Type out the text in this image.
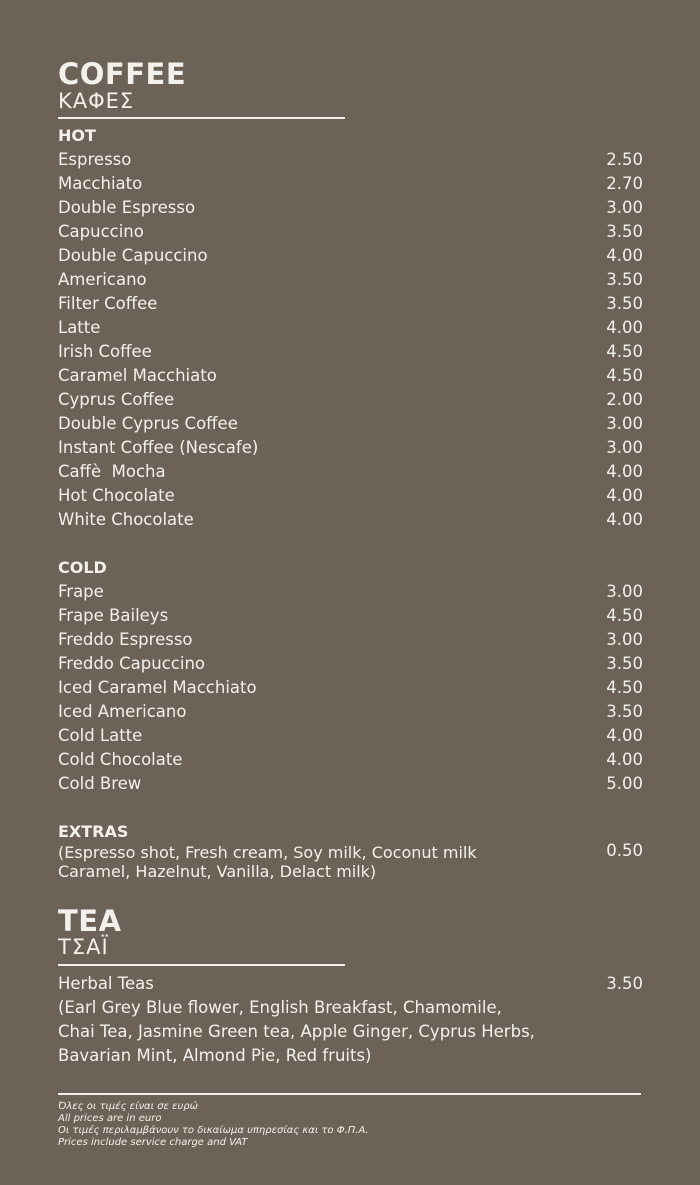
COFFEE
ΚΑΦΕΣ
HOT
Espresso	2.50
Macchiato	2.70
Double Espresso	3.00
Capuccino	3.50
Double Capuccino	4.00
Americano	3.50
Filter Coffee	3.50
Latte	4.00
Irish Coffee	4.50
Caramel Macchiato	4.50
Cyprus Coffee	2.00
Double Cyprus Coffee	3.00
Instant Coffee (Nescafe)	3.00
Caffè  Mocha	4.00
Hot Chocolate	4.00
White Chocolate	4.00
COLD
Frape	3.00
Frape Baileys	4.50
Freddo Espresso	3.00
Freddo Capuccino	3.50
Iced Caramel Macchiato	4.50
Iced Americano	3.50
Cold Latte	4.00
Cold Chocolate	4.00
Cold Brew	5.00
EXTRAS
(Espresso shot, Fresh cream, Soy milk, Coconut milk
Caramel, Hazelnut, Vanilla, Delact milk)
0.50
TEA
ΤΣΑΪ
Herbal Teas	3.50
(Earl Grey Blue flower, English Breakfast, Chamomile,
Chai Tea, Jasmine Green tea, Apple Ginger, Cyprus Herbs,
Bavarian Mint, Almond Pie, Red fruits)
Όλες οι τιμές είναι σε ευρώ
All prices are in euro
Οι τιμές περιλαμβάνουν το δικαίωμα υπηρεσίας και το Φ.Π.Α.
Prices include service charge and VAT
